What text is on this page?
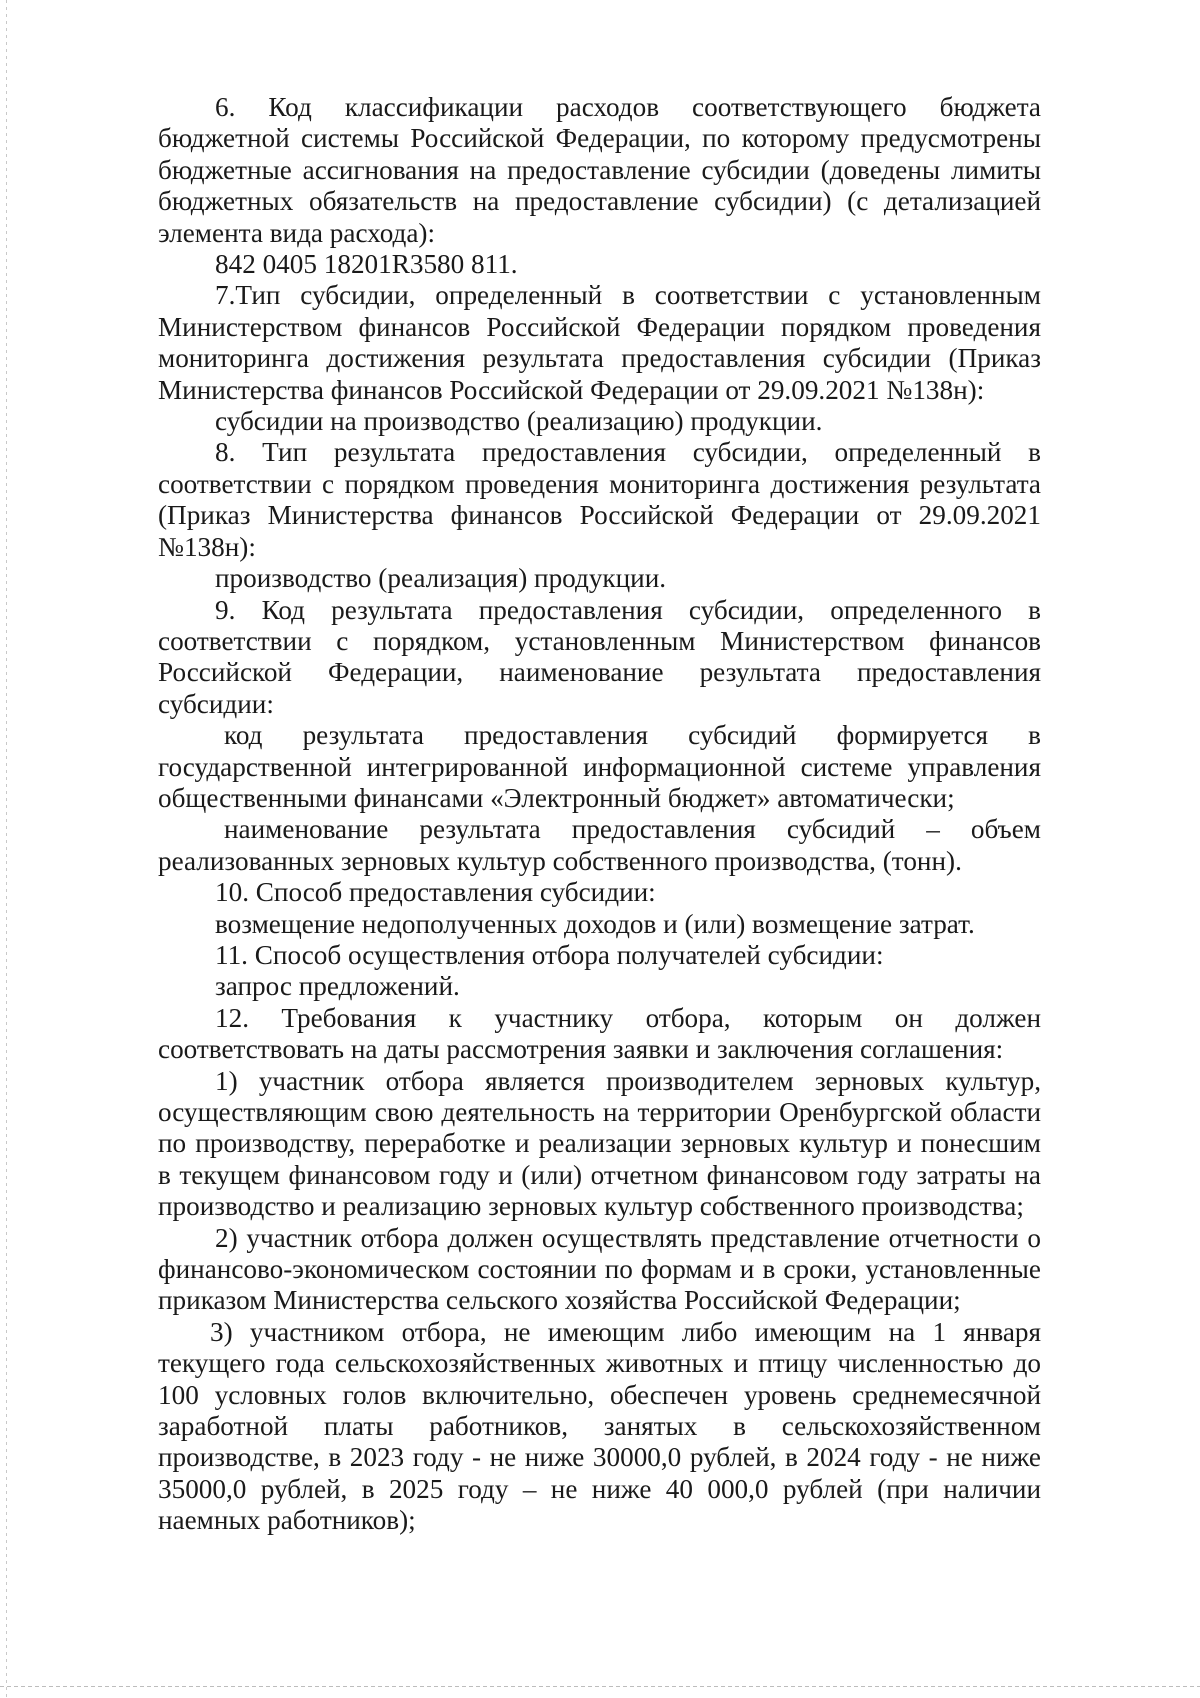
6. Код классификации расходов соответствующего бюджета бюджетной системы Российской Федерации, по которому предусмотрены бюджетные ассигнования на предоставление субсидии (доведены лимиты бюджетных обязательств на предоставление субсидии) (с детализацией элемента вида расхода):

842 0405 18201R3580 811.

7.Тип субсидии, определенный в соответствии с установленным Министерством финансов Российской Федерации порядком проведения мониторинга достижения результата предоставления субсидии (Приказ Министерства финансов Российской Федерации от 29.09.2021 №138н):

субсидии на производство (реализацию) продукции.

8. Тип результата предоставления субсидии, определенный в соответствии с порядком проведения мониторинга достижения результата (Приказ Министерства финансов Российской Федерации от 29.09.2021 №138н):

производство (реализация) продукции.

9. Код результата предоставления субсидии, определенного в соответствии с порядком, установленным Министерством финансов Российской Федерации, наименование результата предоставления субсидии:

код результата предоставления субсидий формируется в государственной интегрированной информационной системе управления общественными финансами «Электронный бюджет» автоматически;

наименование результата предоставления субсидий – объем реализованных зерновых культур собственного производства, (тонн).

10. Способ предоставления субсидии:

возмещение недополученных доходов и (или) возмещение затрат.

11. Способ осуществления отбора получателей субсидии:

запрос предложений.

12. Требования к участнику отбора, которым он должен соответствовать на даты рассмотрения заявки и заключения соглашения:

1) участник отбора является производителем зерновых культур, осуществляющим свою деятельность на территории Оренбургской области по производству, переработке и реализации зерновых культур и понесшим в текущем финансовом году и (или) отчетном финансовом году затраты на производство и реализацию зерновых культур собственного производства;

2) участник отбора должен осуществлять представление отчетности о финансово-экономическом состоянии по формам и в сроки, установленные приказом Министерства сельского хозяйства Российской Федерации;

3) участником отбора, не имеющим либо имеющим на 1 января текущего года сельскохозяйственных животных и птицу численностью до 100 условных голов включительно, обеспечен уровень среднемесячной заработной платы работников, занятых в сельскохозяйственном производстве, в 2023 году - не ниже 30000,0 рублей, в 2024 году - не ниже 35000,0 рублей, в 2025 году – не ниже 40 000,0 рублей (при наличии наемных работников);
